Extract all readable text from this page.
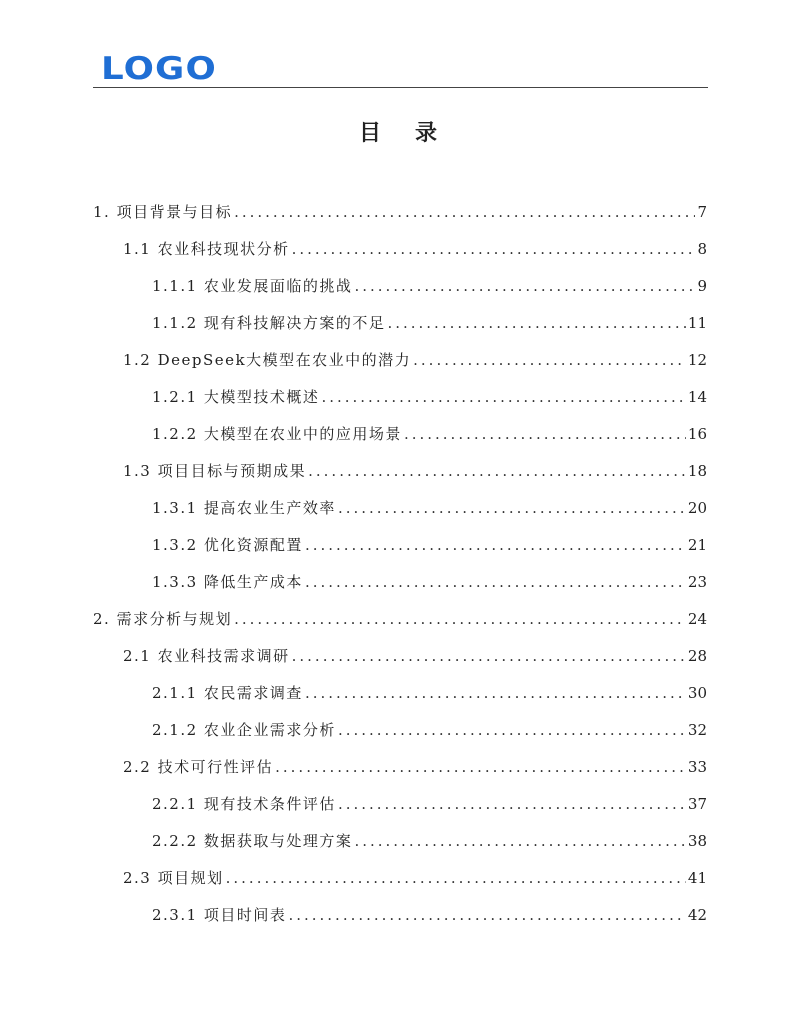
LOGO
目录
1. 项目背景与目标 .....	7
1.1 农业科技现状分析 .....	8
1.1.1 农业发展面临的挑战 .....	9
1.1.2 现有科技解决方案的不足 .....	11
1.2 DeepSeek大模型在农业中的潜力 .....	12
1.2.1 大模型技术概述 .....	14
1.2.2 大模型在农业中的应用场景 .....	16
1.3 项目目标与预期成果 .....	18
1.3.1 提高农业生产效率 .....	20
1.3.2 优化资源配置 .....	21
1.3.3 降低生产成本 .....	23
2. 需求分析与规划 .....	24
2.1 农业科技需求调研 .....	28
2.1.1 农民需求调查 .....	30
2.1.2 农业企业需求分析 .....	32
2.2 技术可行性评估 .....	33
2.2.1 现有技术条件评估 .....	37
2.2.2 数据获取与处理方案 .....	38
2.3 项目规划 .....	41
2.3.1 项目时间表 .....	42
